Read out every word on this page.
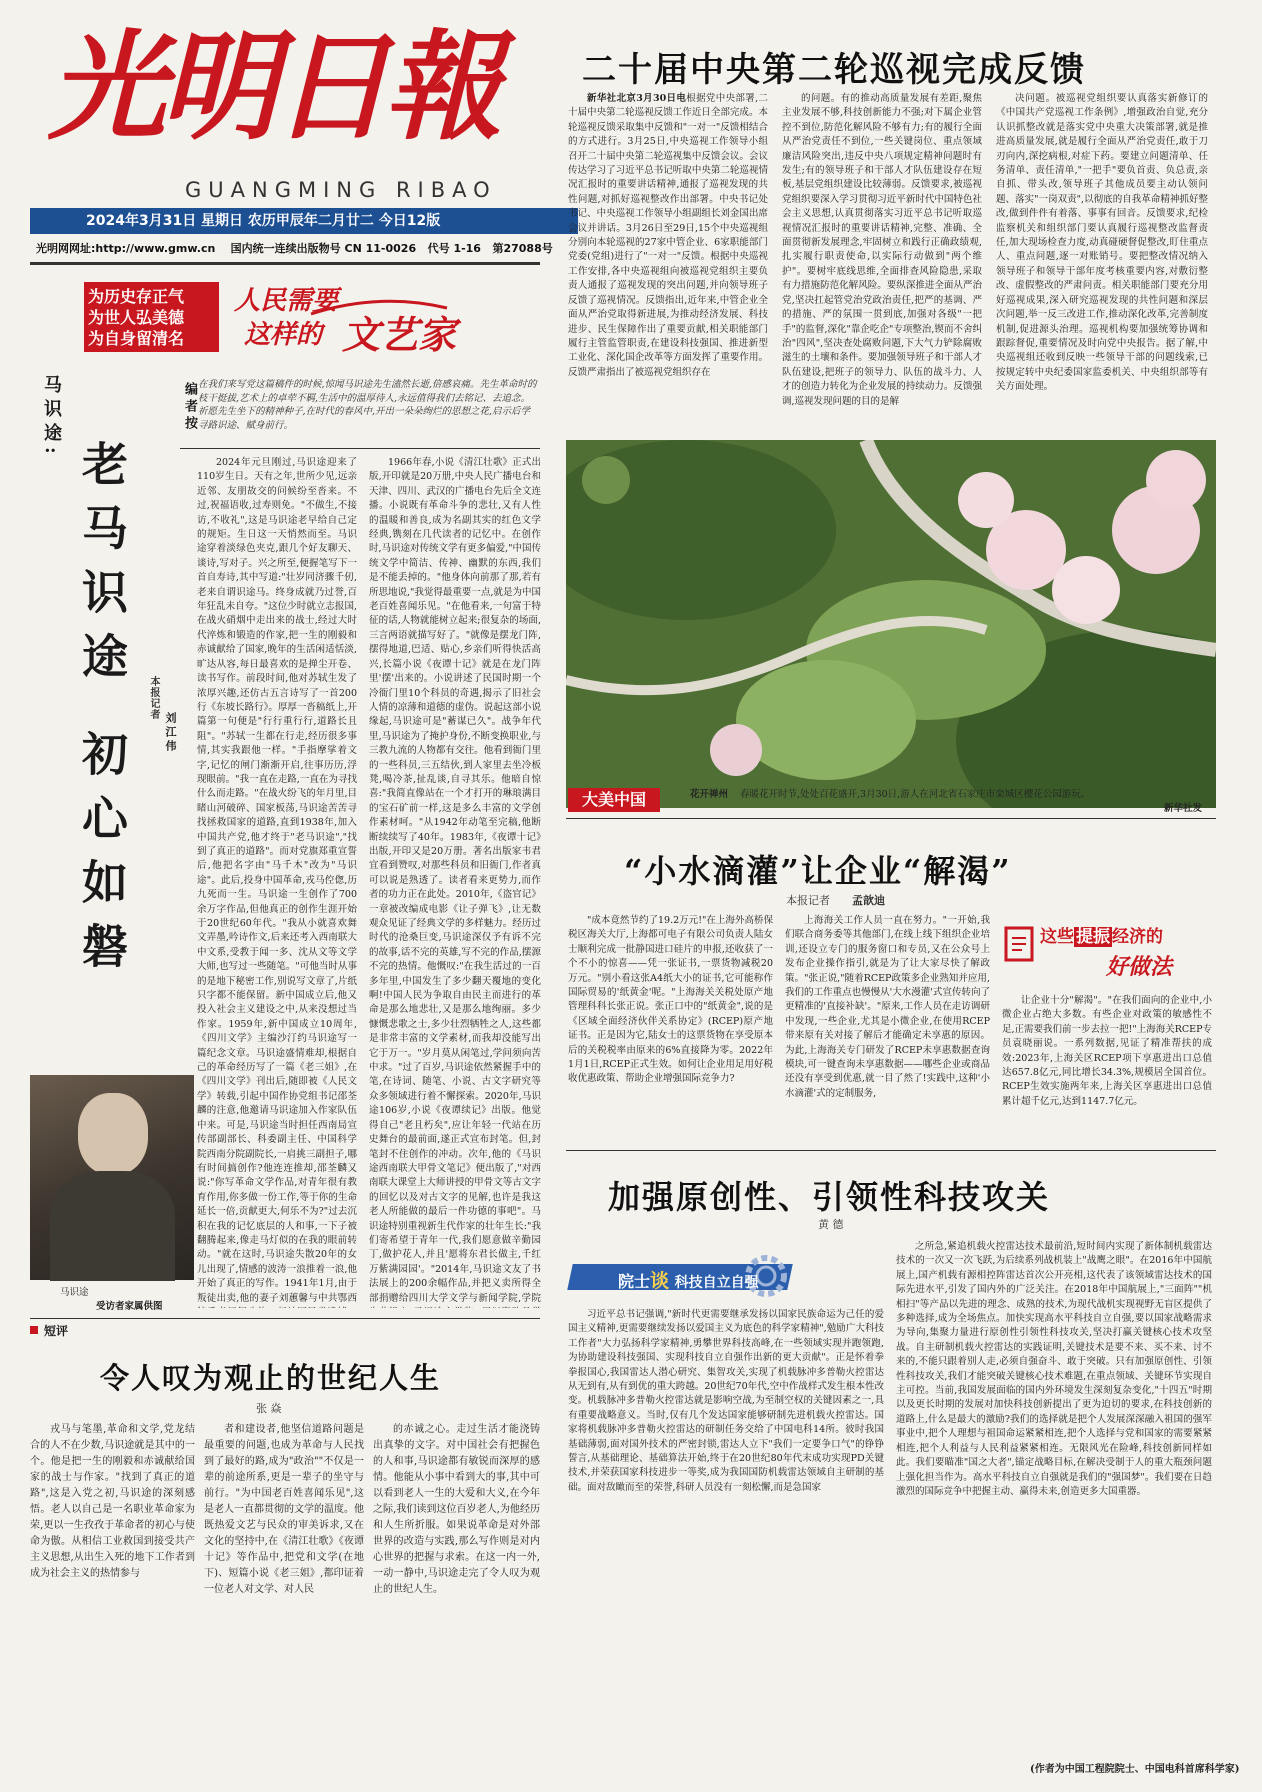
光明日報
GUANGMING RIBAO
2024年3月31日 星期日 农历甲辰年二月廿二 今日12版
光明网网址:http://www.gmw.cn 国内统一连续出版物号 CN 11-0026 代号 1-16 第27088号
二十届中央第二轮巡视完成反馈

新华社北京3月30日电根据党中央部署,二十届中央第二轮巡视反馈工作近日全部完成。本轮巡视反馈采取集中反馈和"一对一"反馈相结合的方式进行。3月25日,中央巡视工作领导小组召开二十届中央第二轮巡视集中反馈会议。会议传达学习了习近平总书记听取中央第二轮巡视情况汇报时的重要讲话精神,通报了巡视发现的共性问题,对抓好巡视整改作出部署。中央书记处书记、中央巡视工作领导小组副组长刘金国出席会议并讲话。3月26日至29日,15个中央巡视组分别向本轮巡视的27家中管企业、6家职能部门党委(党组)进行了"一对一"反馈。根据中央巡视工作安排,各中央巡视组向被巡视党组织主要负责人通报了巡视发现的突出问题,并向领导班子反馈了巡视情况。反馈指出,近年来,中管企业全面从严治党取得新进展,为推动经济发展、科技进步、民生保障作出了重要贡献,相关职能部门履行主管监管职责,在建设科技强国、推进新型工业化、深化国企改革等方面发挥了重要作用。反馈严肃指出了被巡视党组织存在

的问题。有的推动高质量发展有差距,聚焦主业发展不够,科技创新能力不强;对下属企业管控不到位,防范化解风险不够有力;有的履行全面从严治党责任不到位,一些关键岗位、重点领域廉洁风险突出,违反中央八项规定精神问题时有发生;有的领导班子和干部人才队伍建设存在短板,基层党组织建设比较薄弱。反馈要求,被巡视党组织要深入学习贯彻习近平新时代中国特色社会主义思想,认真贯彻落实习近平总书记听取巡视情况汇报时的重要讲话精神,完整、准确、全面贯彻新发展理念,牢固树立和践行正确政绩观,扎实履行职责使命,以实际行动做到"两个维护"。要树牢底线思维,全面排查风险隐患,采取有力措施防范化解风险。要纵深推进全面从严治党,坚决扛起管党治党政治责任,把严的基调、严的措施、严的氛围一贯到底,加强对各级"一把手"的监督,深化"靠企吃企"专项整治,锲而不舍纠治"四风",坚决查处腐败问题,下大气力铲除腐败滋生的土壤和条件。要加强领导班子和干部人才队伍建设,把班子的领导力、队伍的战斗力、人才的创造力转化为企业发展的持续动力。反馈强调,巡视发现问题的目的是解

决问题。被巡视党组织要认真落实新修订的《中国共产党巡视工作条例》,增强政治自觉,充分认识抓整改就是落实党中央重大决策部署,就是推进高质量发展,就是履行全面从严治党责任,敢于刀刃向内,深挖病根,对症下药。要建立问题清单、任务清单、责任清单,"一把手"要负首责、负总责,亲自抓、带头改,领导班子其他成员要主动认领问题、落实"一岗双责",以彻底的自我革命精神抓好整改,做到件件有着落、事事有回音。反馈要求,纪检监察机关和组织部门要认真履行巡视整改监督责任,加大现场检查力度,动真碰硬督促整改,盯住重点人、重点问题,逐一对账销号。要把整改情况纳入领导班子和领导干部年度考核重要内容,对敷衍整改、虚假整改的严肃问责。相关职能部门要充分用好巡视成果,深入研究巡视发现的共性问题和深层次问题,举一反三改进工作,推动深化改革,完善制度机制,促进源头治理。巡视机构要加强统筹协调和跟踪督促,重要情况及时向党中央报告。据了解,中央巡视组还收到反映一些领导干部的问题线索,已按规定转中央纪委国家监委机关、中央组织部等有关方面处理。

为历史存正气
为世人弘美德
为自身留清名
人民需要
这样的 文艺家
马识途:
老马识途 初心如磐	本报记者
刘江伟
编者按 在我们来写党这篇稿件的时候,惊闻马识途先生溘然长逝,倍感哀痛。先生革命时的枝干挺拔,艺术上的卓荦不羁,生活中的温厚待人,永远值得我们去铭记、去追念。 祈愿先生坐下的精神种子,在时代的春风中,开出一朵朵绚烂的思想之花,启示后学寻路识途、赋身前行。

2024年元旦刚过,马识途迎来了110岁生日。天有之年,世所少见,远亲近邻、友朋故交的问候纷至沓来。不过,祝福语收,过寿则免。"不做生,不接访,不收礼",这是马识途老早给自己定的规矩。生日这一天悄然而至。马识途穿着淡绿色夹克,跟几个好友聊天、谈诗,写对子。兴之所至,便握笔写下一首自寿诗,其中写道:"壮岁同济骤千仞,老来自谓识途马。终身成就乃过誉,百年狂乱未自夸。"这位少时就立志报国,在战火硝烟中走出来的战士,经过大时代淬炼和锻造的作家,把一生的刚毅和赤诚献给了国家,晚年的生活闲适恬淡,旷达从容,每日最喜欢的是掸尘开卷、读书写作。前段时间,他对苏轼生发了浓厚兴趣,还仿古五言诗写了一首200行《东坡长路行》。厚厚一沓稿纸上,开篇第一句便是"行行重行行,道路长且阻"。"苏轼一生都在行走,经历很多事情,其实我跟他一样。"手指摩挲着文字,记忆的闸门渐渐开启,往事历历,浮现眼前。"我一直在走路,一直在为寻找什么而走路。"在战火纷飞的年月里,目睹山河破碎、国家板荡,马识途苦苦寻找拯救国家的道路,直到1938年,加入中国共产党,他才终于"老马识途","找到了真正的道路"。而对党旗郑重宣誓后,他把名字由"马千木"改为"马识途"。此后,投身中国革命,戎马倥偬,历九死而一生。马识途一生创作了700余万字作品,但他真正的创作生涯开始于20世纪60年代。"我从小就喜欢舞文弄墨,吟诗作文,后来还考入西南联大中文系,受教于闻一多、沈从文等文学大师,也写过一些随笔。"可他当时从事的是地下秘密工作,别说写文章了,片纸只字都不能保留。新中国成立后,他又投入社会主义建设之中,从来没想过当作家。1959年,新中国成立10周年,《四川文学》主编沙汀约马识途写一篇纪念文章。马识途盛情难却,根据自己的革命经历写了一篇《老三姐》,在《四川文学》刊出后,随即被《人民文学》转载,引起中国作协党组书记邵荃麟的注意,他邀请马识途加入作家队伍中来。可是,马识途当时担任西南局宣传部副部长、科委副主任、中国科学院西南分院副院长,一肩挑三副担子,哪有时间搞创作?他连连推却,邵荃麟又说:"你写革命文学作品,对青年很有教育作用,你多做一份工作,等于你的生命延长一倍,贡献更大,何乐不为?"过去沉积在我的记忆底层的人和事,一下子被翻腾起来,像走马灯似的在我的眼前转动。"就在这时,马识途失散20年的女儿出现了,情感的波涛一浪推着一浪,他开始了真正的写作。1941年1月,由于叛徒出卖,他的妻子刘蕙馨与中共鄂西

1966年春,小说《清江壮歌》正式出版,开印就是20万册,中央人民广播电台和天津、四川、武汉的广播电台先后全文连播。小说既有革命斗争的悲壮,又有人性的温暖和善良,成为名副其实的红色文学经典,镌刻在几代读者的记忆中。在创作时,马识途对传统文学有更多偏爱,"中国传统文学中简洁、传神、幽默的东西,我们是不能丢掉的。"他身体向前那了那,若有所思地说,"我觉得最重要一点,就是为中国老百姓喜闻乐见。"在他看来,一句富于特征的话,人物就能树立起来;很复杂的场面,三言两语就描写好了。"就像是摆龙门阵,摆得地道,巴适、贴心,乡亲们听得快活高兴,长篇小说《夜谭十记》就是在龙门阵里'摆'出来的。小说讲述了民国时期一个冷衙门里10个科员的奇遇,揭示了旧社会人情的凉薄和道德的虚伪。说起这部小说缘起,马识途可是"蓄谋已久"。战争年代里,马识途为了掩护身份,不断变换职业,与三教九流的人物都有交往。他看到衙门里的一些科员,三五结伙,到人家里去坐冷板凳,喝冷茶,扯乱谈,自寻其乐。他暗自惊喜:"我简直像站在一个才打开的琳琅满目的宝石矿前一样,这是多么丰富的文学创作素材呵。"从1942年动笔至完稿,他断断续续写了40年。1983年,《夜谭十记》出版,开印又是20万册。著名出版家韦君宜看到赞叹,对那些科员和旧衙门,作者真可以说是熟透了。读者看来更势力,而作者的功力正在此处。2010年,《盗官记》一章被改编成电影《让子弹飞》,让无数观众见证了经典文学的多样魅力。经历过时代的沧桑巨变,马识途深仅予有诉不完的故事,话不完的英雄,写不完的作品,摆源不完的热情。他慨叹:"在我生活过的一百多年里,中国发生了多少翻天覆地的变化啊!中国人民为争取自由民主而进行的革命是那么地悲壮,又是那么地绚丽。多少慷慨悲歌之士,多少壮烈牺牲之人,这些都是非常丰富的文学素材,而我却没能写出它于万一。"岁月莫从闲笔过,学问须向苦中求。"过了百岁,马识途依然紧握手中的笔,在诗词、随笔、小说、古文字研究等众多领域进行着不懈探索。2020年,马识途106岁,小说《夜谭续记》出版。他觉得自己"老且朽矣",应让年轻一代站在历史舞台的最前面,遂正式宣布封笔。但,封笔封不住创作的冲动。次年,他的《马识途西南联大甲骨文笔记》便出版了,"对西南联大课堂上大师讲授的甲骨文等古文字的回忆以及对古文字的见解,也许是我这老人所能做的最后一件功德的事吧"。马识途特别重视新生代作家的壮年生长:"我们寄希望于青年一代,我们愿意做辛勤园丁,做护花人,并且'愿将东君长做主,千红万紫满园园'。"2014年,马识途文友了书法展上的200余幅作品,并把义卖所得全部捐赠给四川大学文学与新闻学院,学院

马识途
受访者家属供图
短评
令人叹为观止的世纪人生
张 焱

戎马与笔墨,革命和文学,党龙结合的人不在少数,马识途就是其中的一个。他是把一生的刚毅和赤诚献给国家的战士与作家。"找到了真正的道路",这是入党之初,马识途的深刻感悟。老人以自己是一名职业革命家为荣,更以一生孜孜于革命者的初心与使命为傲。从相信工业救国到接受共产主义思想,从出生入死的地下工作者到成为社会主义的热情参与

者和建设者,他坚信道路问题是最重要的问题,也成为革命与人民找到了最好的路,成为"政治""不仅是一辈的前途所系,更是一辈子的坐守与前行。"为中国老百姓喜闻乐见",这是老人一直都贯彻的文学的温度。他既热爱文艺与民众的审美诉求,又在文化的坚持中,在《清江壮歌》《夜谭十记》等作品中,把党和文学(在地下)、短篇小说《老三姐》,都印证着一位老人对文学、对人民

的赤诚之心。走过生活才能浇铸出真挚的文字。对中国社会有把握色的人和事,马识途都有敏锐而深厚的感情。他能从小事中看到大的事,其中可以看到老人一生的大爱和大义,在今年之际,我们读到这位百岁老人,为他经历和人生所折服。如果说革命是对外部世界的改造与实践,那么写作则是对内心世界的把握与求索。在这一内一外,一动一静中,马识途走完了令人叹为观止的世纪人生。

大美中国	花开禅州 春暖花开时节,处处百花盛开,3月30日,游人在河北省石家庄市栾城区樱花公园游玩。
新华社发
“小水滴灌”让企业“解渴”
本报记者 孟歆迪

"成本竟然节约了19.2万元!"在上海外高桥保税区海关大厅,上海都可电子有限公司负责人陆女士顺利完成一批静国进口硅片的申报,还收获了一个不小的惊喜——凭一张证书,一票货物减税20万元。"别小看这张A4纸大小的证书,它可能称作国际贸易的'纸黄金'呢。"上海海关关税处原产地管理科科长张正说。张正口中的"纸黄金",说的是《区域全面经济伙伴关系协定》(RCEP)原产地证书。正是因为它,陆女士的这票货物在享受原本后的关税税率由原来的6%直接降为零。2022年1月1日,RCEP正式生效。如何让企业用足用好税收优惠政策、帮助企业增强国际竞争力?

上海海关工作人员一直在努力。"一开始,我们联合商务委等其他部门,在线上线下组织企业培训,还设立专门的服务窗口和专员,又在公众号上发布企业操作指引,就是为了让大家尽快了解政策。"张正说,"随着RCEP政策多企业熟知并应用,我们的工作重点也慢慢从'大水漫灌'式宣传转向了更精准的'直接补缺'。"原来,工作人员在走访调研中发现,一些企业,尤其是小微企业,在使用RCEP带来原有关对接了解后才能确定未享惠的原因。为此,上海海关专门研发了RCEP未享惠数据查询模块,可一键查询未享惠数据——哪些企业或商品还没有享受到优惠,就一目了然了!实践中,这种'小水滴灌'式的定制服务,

这些 提振 经济的
好做法

让企业十分"解渴"。"在我们面向的企业中,小微企业占绝大多数。有些企业对政策的敏感性不足,正需要我们前一步去拉一把!"上海海关RCEP专员袁晓丽说。一系列数据,见证了精准帮扶的成效:2023年,上海关区RCEP项下享惠进出口总值达657.8亿元,同比增长34.3%,规模居全国首位。RCEP生效实施两年来,上海关区享惠进出口总值累计超千亿元,达到1147.7亿元。

加强原创性、引领性科技攻关
黄 德
院士谈 科技自立自强

习近平总书记强调,"新时代更需要继承发扬以国家民族命运为己任的爱国主义精神,更需要继续发扬以爱国主义为底色的科学家精神",勉励广大科技工作者"大力弘扬科学家精神,勇攀世界科技高峰,在一些领域实现并跑领跑,为协助建设科技强国、实现科技自立自强作出新的更大贡献"。正是怀着拳拳报国心,我国雷达人潜心研究、集智攻关,实现了机载脉冲多普勒火控雷达从无到有,从有到优的重大跨越。20世纪70年代,空中作战样式发生根本性改变。机载脉冲多普勒火控雷达就是影响空战,为至制空权的关键因素之一,具有重要战略意义。当时,仅有几个发达国家能够研制先进机载火控雷达。国家将机载脉冲多普勒火控雷达的研制任务交给了中国电科14所。彼时我国基础薄弱,面对国外技术的严密封锁,雷达人立下"我们一定要争口气"的铮铮誓言,从基础理论、基础算法开始,终于在20世纪80年代末成功实现PD关键技术,并荣获国家科技进步一等奖,成为我国国防机载雷达领域自主研制的基础。面对敌瞰而至的荣誉,科研人员没有一刻松懈,而是急国家

之所急,紧追机载火控雷达技术最前沿,短时间内实现了新体制机载雷达技术的一次又一次飞跃,为后续系列战机装上"战鹰之眼"。在2016年中国航展上,国产机载有源相控阵雷达首次公开亮相,这代表了该领域雷达技术的国际先进水平,引发了国内外的广泛关注。在2018年中国航展上,"三面阵""机相扫"等产品以先进的理念、成熟的技术,为现代战机实现视野无盲区提供了多种选择,成为全场焦点。加快实现高水平科技自立自强,要以国家战略需求为导向,集聚力量进行原创性引领性科技攻关,坚决打赢关键核心技术攻坚战。自主研制机载火控雷达的实践证明,关键技术是要不来、买不来、讨不来的,不能只跟着别人走,必须自强奋斗、敢于突破。只有加强原创性、引领性科技攻关,我们才能突破关键核心技术难题,在重点领域、关键环节实现自主可控。当前,我国发展面临的国内外环境发生深刻复杂变化,"十四五"时期以及更长时期的发展对加快科技创新提出了更为迫切的要求,在科技创新的道路上,什么是最大的激励?我们的选择就是把个人发展深深融入祖国的强军事业中,把个人理想与祖国命运紧紧相连,把个人选择与党和国家的需要紧紧相连,把个人利益与人民利益紧紧相连。无限风光在险峰,科技创新同样如此。我们要瞄准"国之大者",锚定战略目标,在解决受制于人的重大瓶颈问题上强化担当作为。高水平科技自立自强就是我们的"强国梦"。我们要在日趋激烈的国际竞争中把握主动、赢得未来,创造更多大国重器。

(作者为中国工程院院士、中国电科首席科学家)
